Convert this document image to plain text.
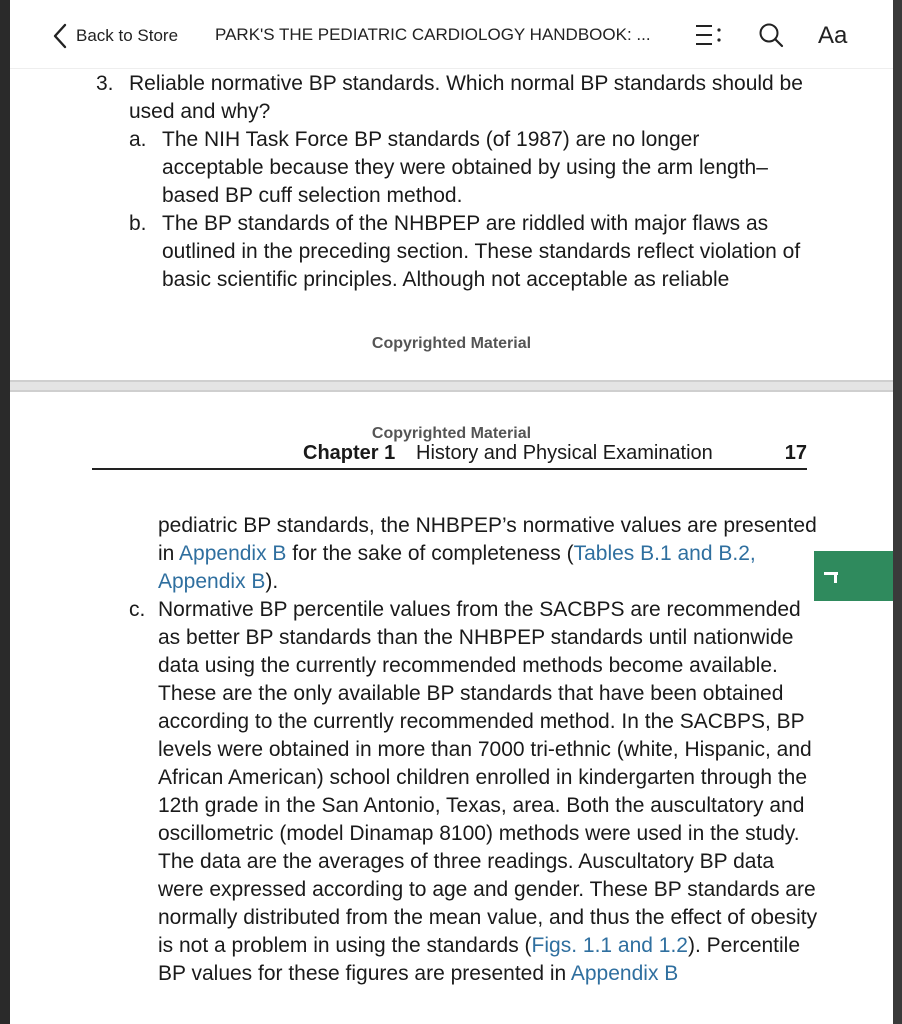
Back to Store PARK'S THE PEDIATRIC CARDIOLOGY HANDBOOK: ...	Aa
3. Reliable normative BP standards. Which normal BP standards should be used and why?
a. The NIH Task Force BP standards (of 1987) are no longer acceptable because they were obtained by using the arm length–based BP cuff selection method.
b. The BP standards of the NHBPEP are riddled with major flaws as outlined in the preceding section. These standards reflect violation of basic scientific principles. Although not acceptable as reliable
Copyrighted Material
Copyrighted Material
Chapter 1 History and Physical Examination	17
pediatric BP standards, the NHBPEP’s normative values are presented in Appendix B for the sake of completeness (Tables B.1 and B.2, Appendix B).
c. Normative BP percentile values from the SACBPS are recommended as better BP standards than the NHBPEP standards until nationwide data using the currently recommended methods become available. These are the only available BP standards that have been obtained according to the currently recommended method. In the SACBPS, BP levels were obtained in more than 7000 tri-ethnic (white, Hispanic, and African American) school children enrolled in kindergarten through the 12th grade in the San Antonio, Texas, area. Both the auscultatory and oscillometric (model Dinamap 8100) methods were used in the study. The data are the averages of three readings. Auscultatory BP data were expressed according to age and gender. These BP standards are normally distributed from the mean value, and thus the effect of obesity is not a problem in using the standards (Figs. 1.1 and 1.2). Percentile BP values for these figures are presented in Appendix B
